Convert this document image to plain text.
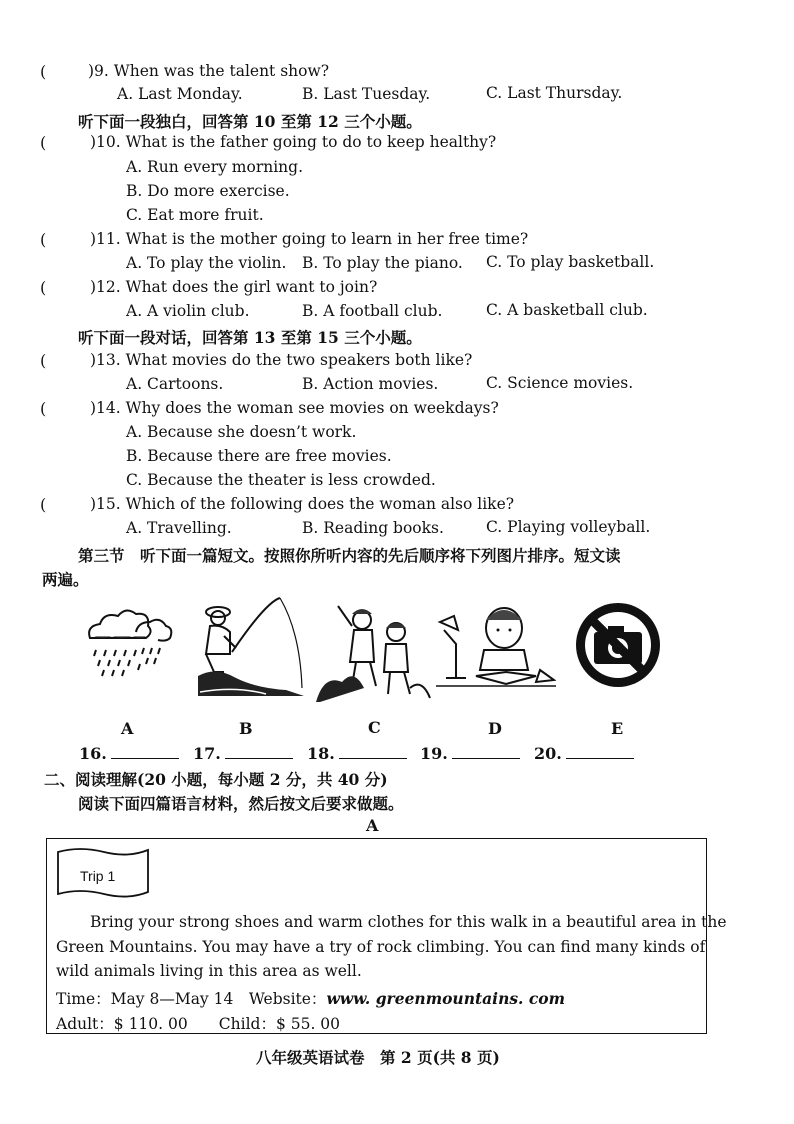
(	)9. When was the talent show?
A. Last Monday.	B. Last Tuesday.	C. Last Thursday.
听下面一段独白，回答第 10 至第 12 三个小题。
(	)10. What is the father going to do to keep healthy?
A. Run every morning.
B. Do more exercise.
C. Eat more fruit.
(	)11. What is the mother going to learn in her free time?
A. To play the violin. B. To play the piano. C. To play basketball.
(	)12. What does the girl want to join?
A. A violin club.	B. A football club.	C. A basketball club.
听下面一段对话，回答第 13 至第 15 三个小题。
(	)13. What movies do the two speakers both like?
A. Cartoons.	B. Action movies.	C. Science movies.
(	)14. Why does the woman see movies on weekdays?
A. Because she doesn’t work.
B. Because there are free movies.
C. Because the theater is less crowded.
(	)15. Which of the following does the woman also like?
A. Travelling.	B. Reading books.	C. Playing volleyball.
第三节　听下面一篇短文。按照你所听内容的先后顺序将下列图片排序。短文读
两遍。
A	B	C	D	E
16.	17.	18.	19.	20.
二、阅读理解(20 小题，每小题 2 分，共 40 分)
阅读下面四篇语言材料，然后按文后要求做题。
A
Trip 1
Bring your strong shoes and warm clothes for this walk in a beautiful area in the
Green Mountains. You may have a try of rock climbing. You can find many kinds of
wild animals living in this area as well.
Time：May 8—May 14　 Website：www. greenmountains. com
Adult：$ 110. 00　　 Child：$ 55. 00
八年级英语试卷　第 2 页(共 8 页)
